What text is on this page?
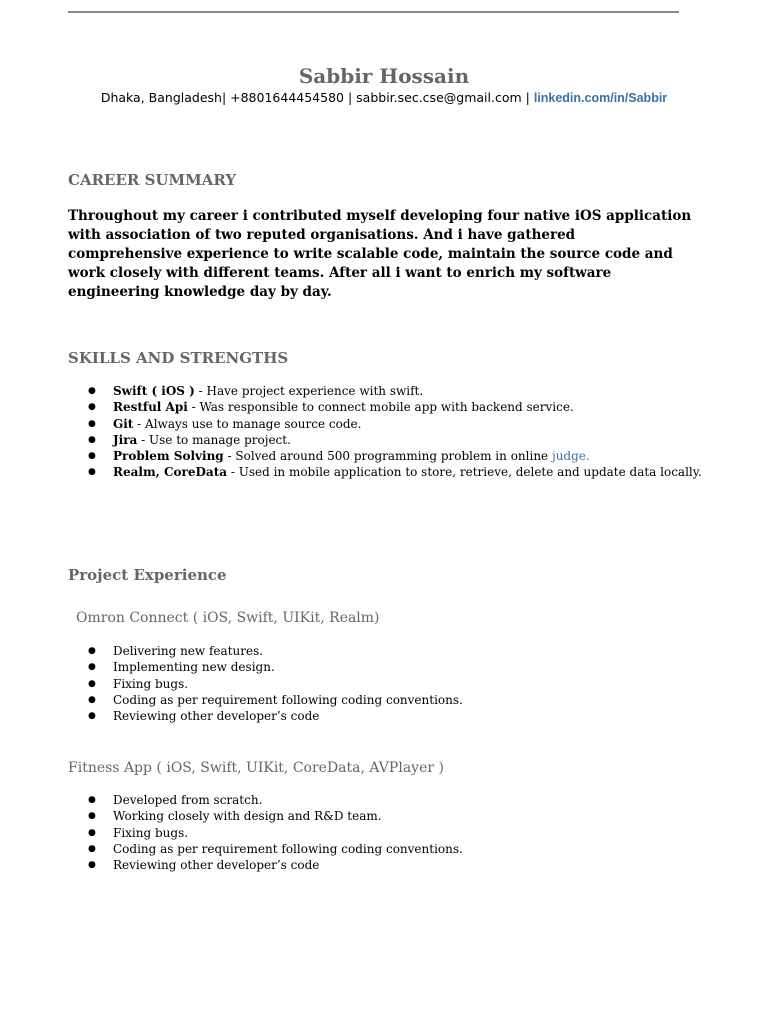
Sabbir Hossain
Dhaka, Bangladesh| +8801644454580 | sabbir.sec.cse@gmail.com | linkedin.com/in/Sabbir
CAREER SUMMARY
Throughout my career i contributed myself developing four native iOS application with association of two reputed organisations. And i have gathered comprehensive experience to write scalable code, maintain the source code and work closely with different teams. After all i want to enrich my software engineering knowledge day by day.
SKILLS AND STRENGTHS
● Swift ( iOS ) - Have project experience with swift.
● Restful Api - Was responsible to connect mobile app with backend service.
● Git - Always use to manage source code.
● Jira - Use to manage project.
● Problem Solving - Solved around 500 programming problem in online judge.
● Realm, CoreData - Used in mobile application to store, retrieve, delete and update data locally.
Project Experience
Omron Connect ( iOS, Swift, UIKit, Realm)
● Delivering new features.
● Implementing new design.
● Fixing bugs.
● Coding as per requirement following coding conventions.
● Reviewing other developer’s code
Fitness App ( iOS, Swift, UIKit, CoreData, AVPlayer )
● Developed from scratch.
● Working closely with design and R&D team.
● Fixing bugs.
● Coding as per requirement following coding conventions.
● Reviewing other developer’s code
